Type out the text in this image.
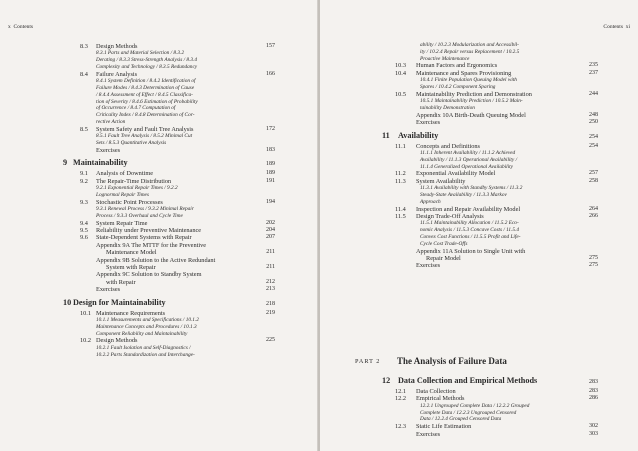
x Contents
8.3 Design Methods	157
8.3.1 Parts and Material Selection / 8.3.2
Derating / 8.3.3 Stress-Strength Analysis / 8.3.4
Complexity and Technology / 8.3.5 Redundancy
8.4 Failure Analysis	166
8.4.1 System Definition / 8.4.2 Identification of
Failure Modes / 8.4.3 Determination of Cause
/ 8.4.4 Assessment of Effect / 8.4.5 Classifica-
tion of Severity / 8.4.6 Estimation of Probability
of Occurrence / 8.4.7 Computation of
Criticality Index / 8.4.8 Determination of Cor-
rective Action
8.5 System Safety and Fault Tree Analysis	172
8.5.1 Fault Tree Analysis / 8.5.2 Minimal Cut
Sets / 8.5.3 Quantitative Analysis
Exercises	183
9 Maintainability	189
9.1 Analysis of Downtime	189
9.2 The Repair-Time Distribution	191
9.2.1 Exponential Repair Times / 9.2.2
Lognormal Repair Times
9.3 Stochastic Point Processes	194
9.3.1 Renewal Process / 9.3.2 Minimal Repair
Process / 9.3.3 Overhaul and Cycle Time
9.4 System Repair Time	202
9.5 Reliability under Preventive Maintenance	204
9.6 State-Dependent Systems with Repair	207
Appendix 9A The MTTF for the Preventive
Maintenance Model	211
Appendix 9B Solution to the Active Redundant
System with Repair	211
Appendix 9C Solution to Standby System
with Repair	212
Exercises	213
10 Design for Maintainability	218
10.1 Maintenance Requirements	219
10.1.1 Measurements and Specifications / 10.1.2
Maintenance Concepts and Procedures / 10.1.3
Component Reliability and Maintainability
10.2 Design Methods	225
10.2.1 Fault Isolation and Self-Diagnostics /
10.2.2 Parts Standardization and Interchange-
Contents xi
ability / 10.2.3 Modularization and Accessibil-
ity / 10.2.4 Repair versus Replacement / 10.2.5
Proactive Maintenance
10.3 Human Factors and Ergonomics	235
10.4 Maintenance and Spares Provisioning	237
10.4.1 Finite Population Queuing Model with
Spares / 10.4.2 Component Sparing
10.5 Maintainability Prediction and Demonstration	244
10.5.1 Maintainability Prediction / 10.5.2 Main-
tainability Demonstration
Appendix 10A Birth-Death Queuing Model	248
Exercises	250
11 Availability	254
11.1 Concepts and Definitions	254
11.1.1 Inherent Availability / 11.1.2 Achieved
Availability / 11.1.3 Operational Availability /
11.1.4 Generalized Operational Availability
11.2 Exponential Availability Model	257
11.3 System Availability	258
11.3.1 Availability with Standby Systems / 11.3.2
Steady-State Availability / 11.3.3 Markov
Approach
11.4 Inspection and Repair Availability Model	264
11.5 Design Trade-Off Analysis	266
11.5.1 Maintainability Allocation / 11.5.2 Eco-
nomic Analysis / 11.5.3 Concave Costs / 11.5.4
Convex Cost Functions / 11.5.5 Profit and Life-
Cycle Cost Trade-Offs
Appendix 11A Solution to Single Unit with
Repair Model	275
Exercises	275
PART 2 The Analysis of Failure Data
12 Data Collection and Empirical Methods	283
12.1 Data Collection	283
12.2 Empirical Methods	286
12.2.1 Ungrouped Complete Data / 12.2.2 Grouped
Complete Data / 12.2.3 Ungrouped Censored
Data / 12.2.4 Grouped Censored Data
12.3 Static Life Estimation	302
Exercises	303
